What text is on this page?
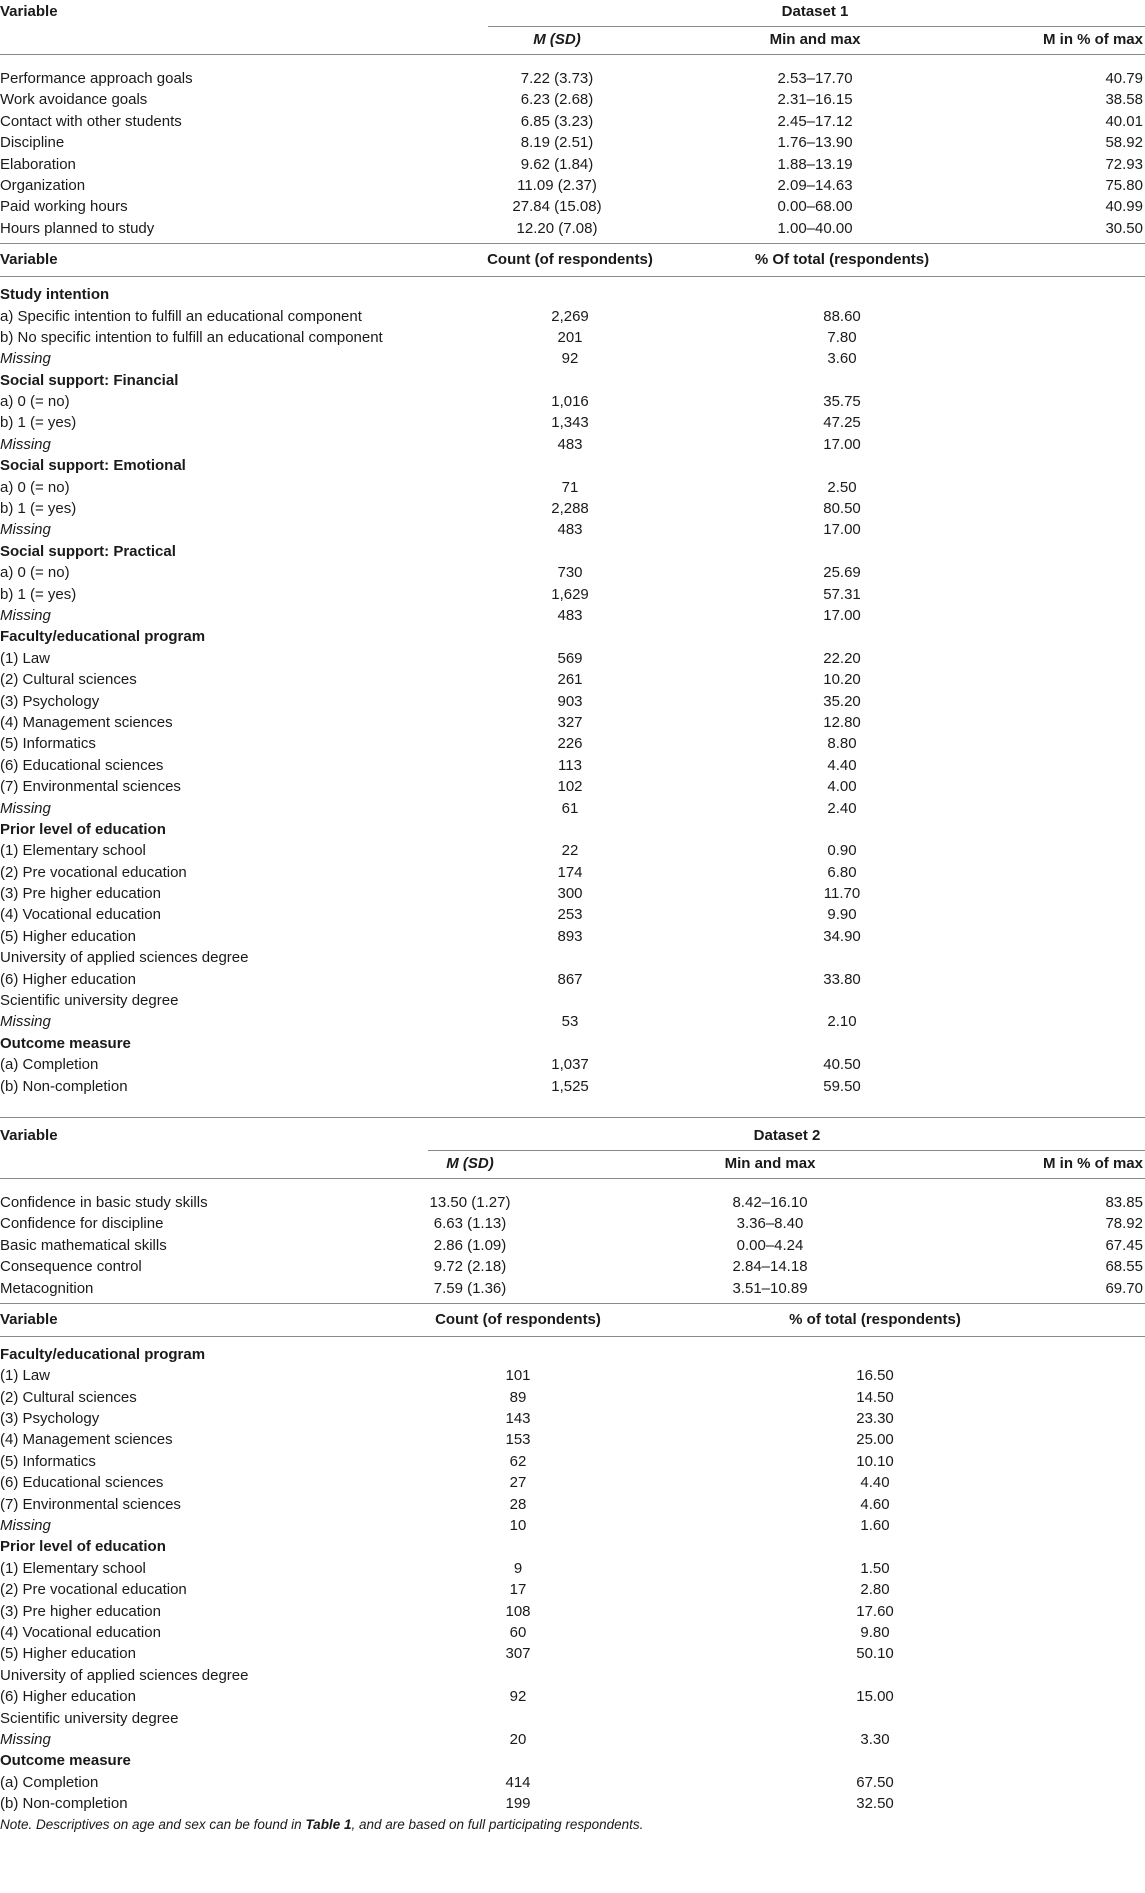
Variable	Dataset 1
M (SD)	Min and max	M in % of max
Performance approach goals	7.22 (3.73)	2.53–17.70	40.79
Work avoidance goals	6.23 (2.68)	2.31–16.15	38.58
Contact with other students	6.85 (3.23)	2.45–17.12	40.01
Discipline	8.19 (2.51)	1.76–13.90	58.92
Elaboration	9.62 (1.84)	1.88–13.19	72.93
Organization	11.09 (2.37)	2.09–14.63	75.80
Paid working hours	27.84 (15.08)	0.00–68.00	40.99
Hours planned to study	12.20 (7.08)	1.00–40.00	30.50
Variable	Count (of respondents)	% Of total (respondents)
Study intention
a) Specific intention to fulfill an educational component	2,269	88.60
b) No specific intention to fulfill an educational component	201	7.80
Missing	92	3.60
Social support: Financial
a) 0 (= no)	1,016	35.75
b) 1 (= yes)	1,343	47.25
Missing	483	17.00
Social support: Emotional
a) 0 (= no)	71	2.50
b) 1 (= yes)	2,288	80.50
Missing	483	17.00
Social support: Practical
a) 0 (= no)	730	25.69
b) 1 (= yes)	1,629	57.31
Missing	483	17.00
Faculty/educational program
(1) Law	569	22.20
(2) Cultural sciences	261	10.20
(3) Psychology	903	35.20
(4) Management sciences	327	12.80
(5) Informatics	226	8.80
(6) Educational sciences	113	4.40
(7) Environmental sciences	102	4.00
Missing	61	2.40
Prior level of education
(1) Elementary school	22	0.90
(2) Pre vocational education	174	6.80
(3) Pre higher education	300	11.70
(4) Vocational education	253	9.90
(5) Higher education	893	34.90
University of applied sciences degree
(6) Higher education	867	33.80
Scientific university degree
Missing	53	2.10
Outcome measure
(a) Completion	1,037	40.50
(b) Non-completion	1,525	59.50
Variable	Dataset 2
M (SD)	Min and max	M in % of max
Confidence in basic study skills	13.50 (1.27)	8.42–16.10	83.85
Confidence for discipline	6.63 (1.13)	3.36–8.40	78.92
Basic mathematical skills	2.86 (1.09)	0.00–4.24	67.45
Consequence control	9.72 (2.18)	2.84–14.18	68.55
Metacognition	7.59 (1.36)	3.51–10.89	69.70
Variable	Count (of respondents)	% of total (respondents)
Faculty/educational program
(1) Law	101	16.50
(2) Cultural sciences	89	14.50
(3) Psychology	143	23.30
(4) Management sciences	153	25.00
(5) Informatics	62	10.10
(6) Educational sciences	27	4.40
(7) Environmental sciences	28	4.60
Missing	10	1.60
Prior level of education
(1) Elementary school	9	1.50
(2) Pre vocational education	17	2.80
(3) Pre higher education	108	17.60
(4) Vocational education	60	9.80
(5) Higher education	307	50.10
University of applied sciences degree
(6) Higher education	92	15.00
Scientific university degree
Missing	20	3.30
Outcome measure
(a) Completion	414	67.50
(b) Non-completion	199	32.50
Note. Descriptives on age and sex can be found in Table 1, and are based on full participating respondents.
